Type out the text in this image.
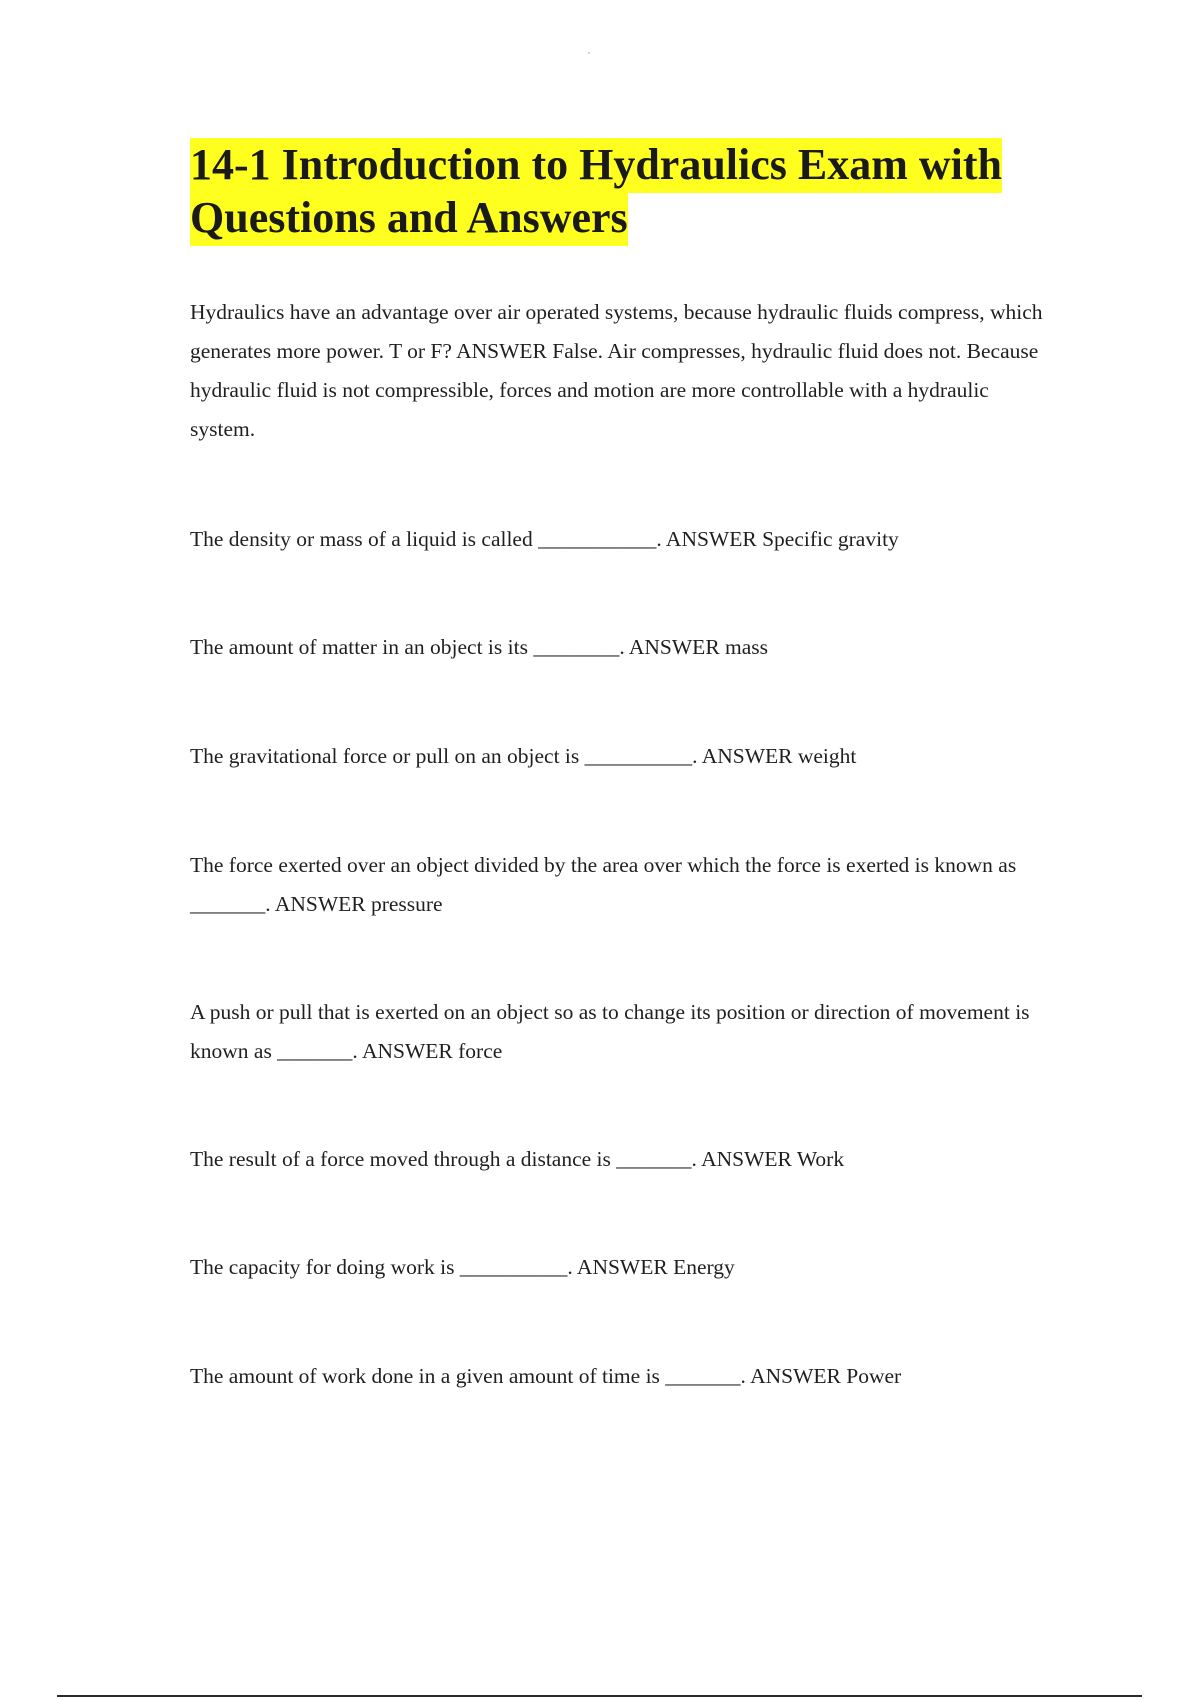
14-1 Introduction to Hydraulics Exam with Questions and Answers

Hydraulics have an advantage over air operated systems, because hydraulic fluids compress, which generates more power. T or F? ANSWER False. Air compresses, hydraulic fluid does not. Because hydraulic fluid is not compressible, forces and motion are more controllable with a hydraulic system.

The density or mass of a liquid is called ___________. ANSWER Specific gravity

The amount of matter in an object is its ________. ANSWER mass

The gravitational force or pull on an object is __________. ANSWER weight

The force exerted over an object divided by the area over which the force is exerted is known as _______. ANSWER pressure

A push or pull that is exerted on an object so as to change its position or direction of movement is known as _______. ANSWER force

The result of a force moved through a distance is _______. ANSWER Work

The capacity for doing work is __________. ANSWER Energy

The amount of work done in a given amount of time is _______. ANSWER Power
